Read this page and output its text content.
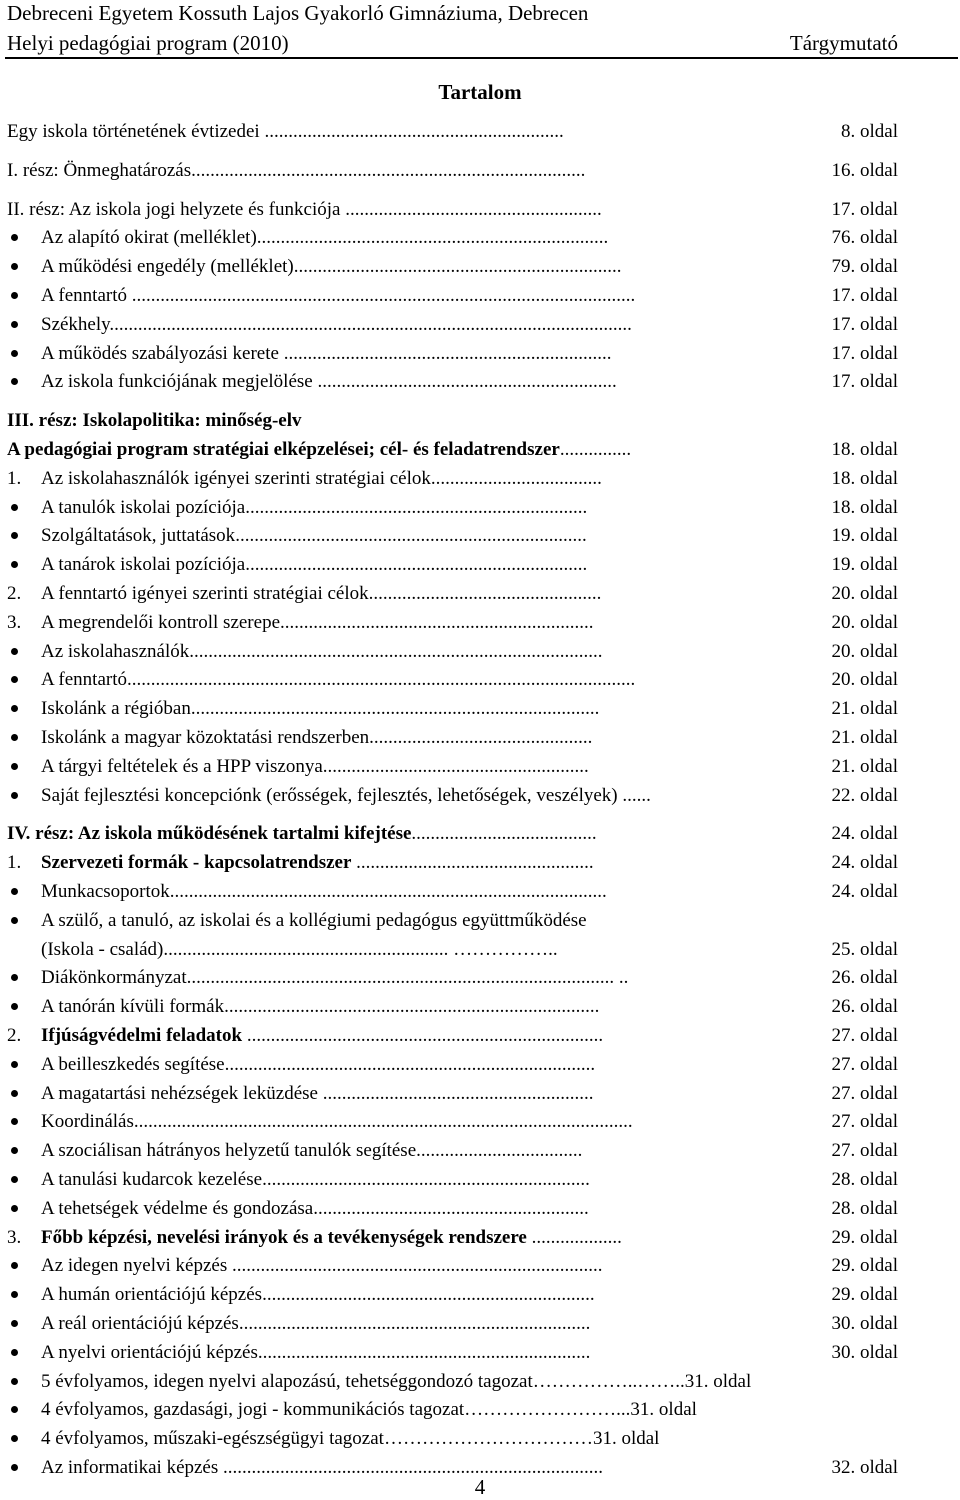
Debreceni Egyetem Kossuth Lajos Gyakorló Gimnáziuma, Debrecen
Helyi pedagógiai program (2010)	Tárgymutató
Tartalom
Egy iskola történetének évtizedei ...............................................................	8. oldal
I. rész: Önmeghatározás...................................................................................	16. oldal
II. rész: Az iskola jogi helyzete és funkciója ......................................................	17. oldal
Az alapító okirat (melléklet)..........................................................................	76. oldal
A működési engedély (melléklet).....................................................................	79. oldal
A fenntartó ..........................................................................................................	17. oldal
Székhely..............................................................................................................	17. oldal
A működés szabályozási kerete .....................................................................	17. oldal
Az iskola funkciójának megjelölése ...............................................................	17. oldal
III. rész: Iskolapolitika: minőség-elv
A pedagógiai program stratégiai elképzelései; cél- és feladatrendszer...............	18. oldal
1. Az iskolahasználók igényei szerinti stratégiai célok....................................	18. oldal
A tanulók iskolai pozíciója........................................................................	18. oldal
Szolgáltatások, juttatások..........................................................................	19. oldal
A tanárok iskolai pozíciója........................................................................	19. oldal
2. A fenntartó igényei szerinti stratégiai célok.................................................	20. oldal
3. A megrendelői kontroll szerepe..................................................................	20. oldal
Az iskolahasználók.......................................................................................	20. oldal
A fenntartó...........................................................................................................	20. oldal
Iskolánk a régióban......................................................................................	21. oldal
Iskolánk a magyar közoktatási rendszerben...............................................	21. oldal
A tárgyi feltételek és a HPP viszonya........................................................	21. oldal
Saját fejlesztési koncepciónk (erősségek, fejlesztés, lehetőségek, veszélyek) ......	22. oldal
IV. rész: Az iskola működésének tartalmi kifejtése.......................................	24. oldal
1. Szervezeti formák - kapcsolatrendszer ..................................................	24. oldal
Munkacsoportok............................................................................................	24. oldal
A szülő, a tanuló, az iskolai és a kollégiumi pedagógus együttműködése
(Iskola - család)............................................................ ……………..	25. oldal
Diákönkormányzat.......................................................................................... ..	26. oldal
A tanórán kívüli formák...............................................................................	26. oldal
2. Ifjúságvédelmi feladatok ...........................................................................	27. oldal
A beilleszkedés segítése..............................................................................	27. oldal
A magatartási nehézségek leküzdése .........................................................	27. oldal
Koordinálás.........................................................................................................	27. oldal
A szociálisan hátrányos helyzetű tanulók segítése...................................	27. oldal
A tanulási kudarcok kezelése.....................................................................	28. oldal
A tehetségek védelme és gondozása..........................................................	28. oldal
3. Főbb képzési, nevelési irányok és a tevékenységek rendszere ...................	29. oldal
Az idegen nyelvi képzés ..............................................................................	29. oldal
A humán orientációjú képzés......................................................................	29. oldal
A reál orientációjú képzés..........................................................................	30. oldal
A nyelvi orientációjú képzés......................................................................	30. oldal
5 évfolyamos, idegen nyelvi alapozású, tehetséggondozó tagozat……………..……..31. oldal
4 évfolyamos, gazdasági, jogi - kommunikációs tagozat……………………...31. oldal
4 évfolyamos, műszaki-egészségügyi tagozat……………………………31. oldal
Az informatikai képzés ................................................................................	32. oldal
4
